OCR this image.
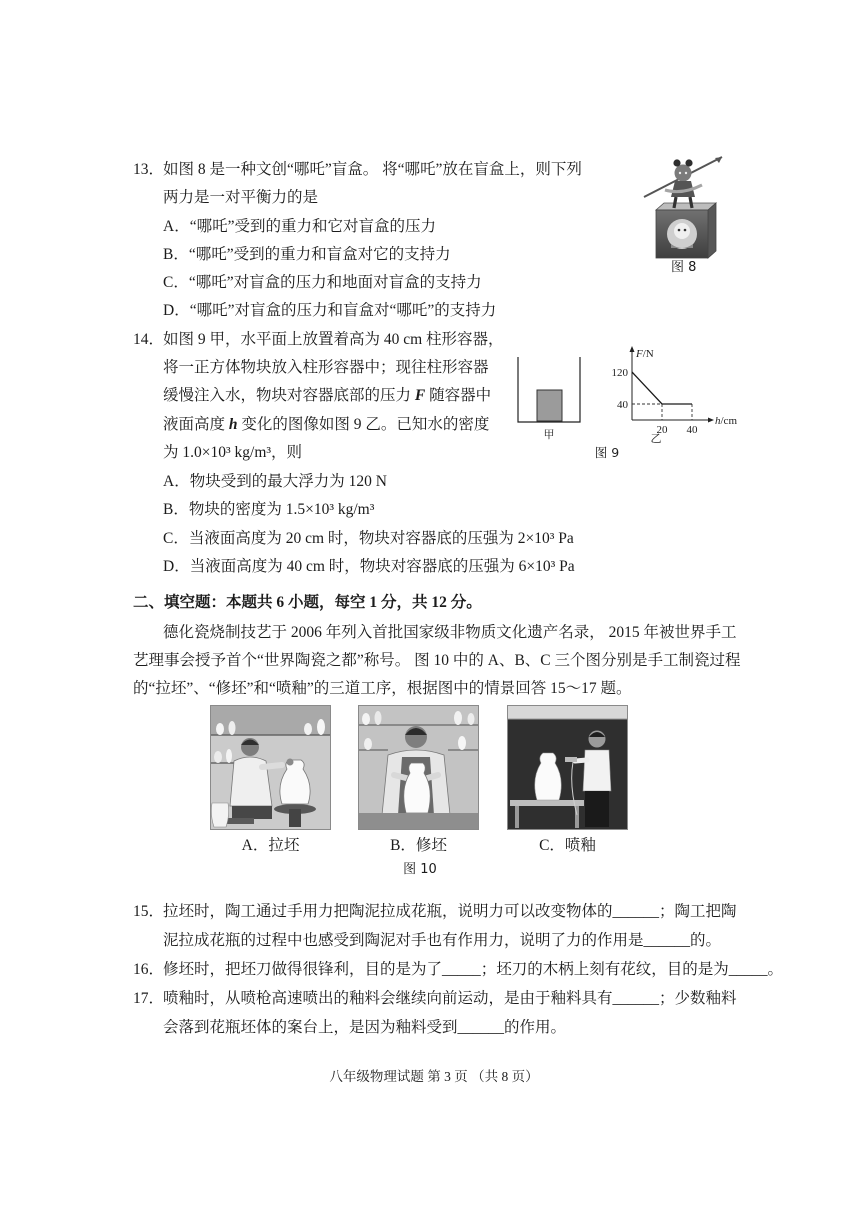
13．
如图 8 是一种文创“哪吒”盲盒。 将“哪吒”放在盲盒上，则下列
两力是一对平衡力的是
A．“哪吒”受到的重力和它对盲盒的压力
B．“哪吒”受到的重力和盲盒对它的支持力
C．“哪吒”对盲盒的压力和地面对盲盒的支持力
D．“哪吒”对盲盒的压力和盲盒对“哪吒”的支持力
图 8
14．
如图 9 甲，水平面上放置着高为 40 cm 柱形容器，
将一正方体物块放入柱形容器中；现往柱形容器
缓慢注入水，物块对容器底部的压力 F 随容器中
液面高度 h 变化的图像如图 9 乙。已知水的密度
为 1.0×10³ kg/m³，则
A．物块受到的最大浮力为 120 N
B．物块的密度为 1.5×10³ kg/m³
C．当液面高度为 20 cm 时，物块对容器底的压强为 2×10³ Pa
D．当液面高度为 40 cm 时，物块对容器底的压强为 6×10³ Pa
甲
F/N
h/cm
120
40
20 40
乙
图 9
二、填空题：本题共 6 小题，每空 1 分，共 12 分。
德化瓷烧制技艺于 2006 年列入首批国家级非物质文化遗产名录， 2015 年被世界手工
艺理事会授予首个“世界陶瓷之都”称号。 图 10 中的 A、B、C 三个图分别是手工制瓷过程
的“拉坯”、“修坯”和“喷釉”的三道工序，根据图中的情景回答 15～17 题。
A．拉坯	B．修坯	C．喷釉
图 10
15．
拉坯时，陶工通过手用力把陶泥拉成花瓶，说明力可以改变物体的______；陶工把陶
泥拉成花瓶的过程中也感受到陶泥对手也有作用力，说明了力的作用是______的。
16．
修坯时，把坯刀做得很锋利，目的是为了_____；坯刀的木柄上刻有花纹，目的是为_____。
17．
喷釉时，从喷枪高速喷出的釉料会继续向前运动，是由于釉料具有______；少数釉料
会落到花瓶坯体的案台上，是因为釉料受到______的作用。
八年级物理试题 第 3 页 （共 8 页）
